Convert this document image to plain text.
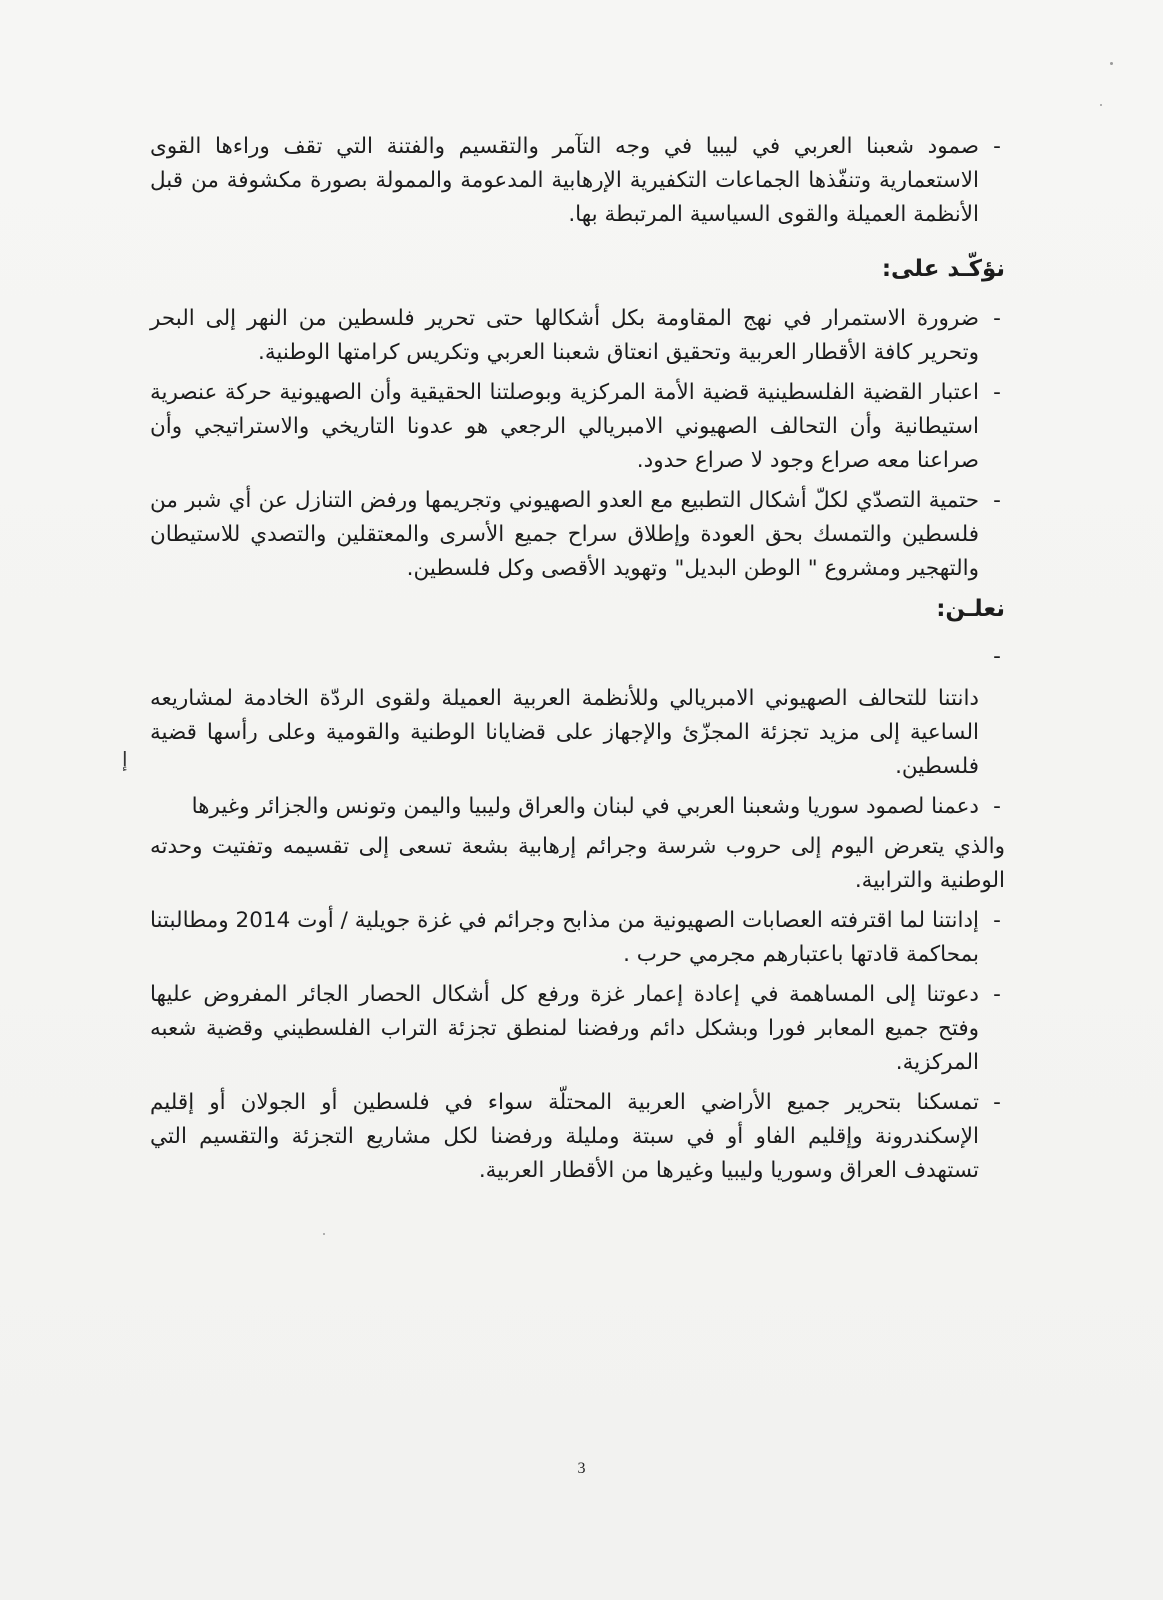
إ
-
صمود شعبنا العربي في ليبيا في وجه التآمر والتقسيم والفتنة التي تقف وراءها القوى الاستعمارية وتنفّذها الجماعات التكفيرية الإرهابية المدعومة والممولة بصورة مكشوفة من قبل الأنظمة العميلة والقوى السياسية المرتبطة بها.
نؤكّـد على:
-
ضرورة الاستمرار في نهج المقاومة بكل أشكالها حتى تحرير فلسطين من النهر إلى البحر وتحرير كافة الأقطار العربية وتحقيق انعتاق شعبنا العربي وتكريس كرامتها الوطنية.
-
اعتبار القضية الفلسطينية قضية الأمة المركزية وبوصلتنا الحقيقية وأن الصهيونية حركة عنصرية استيطانية وأن التحالف الصهيوني الامبريالي الرجعي هو عدونا التاريخي والاستراتيجي وأن صراعنا معه صراع وجود لا صراع حدود.
-
حتمية التصدّي لكلّ أشكال التطبيع مع العدو الصهيوني وتجريمها ورفض التنازل عن أي شبر من فلسطين والتمسك بحق العودة وإطلاق سراح جميع الأسرى والمعتقلين والتصدي للاستيطان والتهجير ومشروع " الوطن البديل" وتهويد الأقصى وكل فلسطين.
نعلـن:
-
دانتنا للتحالف الصهيوني الامبريالي وللأنظمة العربية العميلة ولقوى الردّة الخادمة لمشاريعه الساعية إلى مزيد تجزئة المجزّئ والإجهاز على قضايانا الوطنية والقومية وعلى رأسها قضية فلسطين.
-
دعمنا لصمود سوريا وشعبنا العربي في لبنان والعراق وليبيا واليمن وتونس والجزائر وغيرها
والذي يتعرض اليوم إلى حروب شرسة وجرائم إرهابية بشعة تسعى إلى تقسيمه وتفتيت وحدته الوطنية والترابية.
-
إدانتنا لما اقترفته العصابات الصهيونية من مذابح وجرائم في غزة جويلية / أوت 2014 ومطالبتنا بمحاكمة قادتها باعتبارهم مجرمي حرب .
-
دعوتنا إلى المساهمة في إعادة إعمار غزة ورفع كل أشكال الحصار الجائر المفروض عليها وفتح جميع المعابر فورا وبشكل دائم ورفضنا لمنطق تجزئة التراب الفلسطيني وقضية شعبه المركزية.
-
تمسكنا بتحرير جميع الأراضي العربية المحتلّة سواء في فلسطين أو الجولان أو إقليم الإسكندرونة وإقليم الفاو أو في سبتة ومليلة ورفضنا لكل مشاريع التجزئة والتقسيم التي تستهدف العراق وسوريا وليبيا وغيرها من الأقطار العربية.
3
